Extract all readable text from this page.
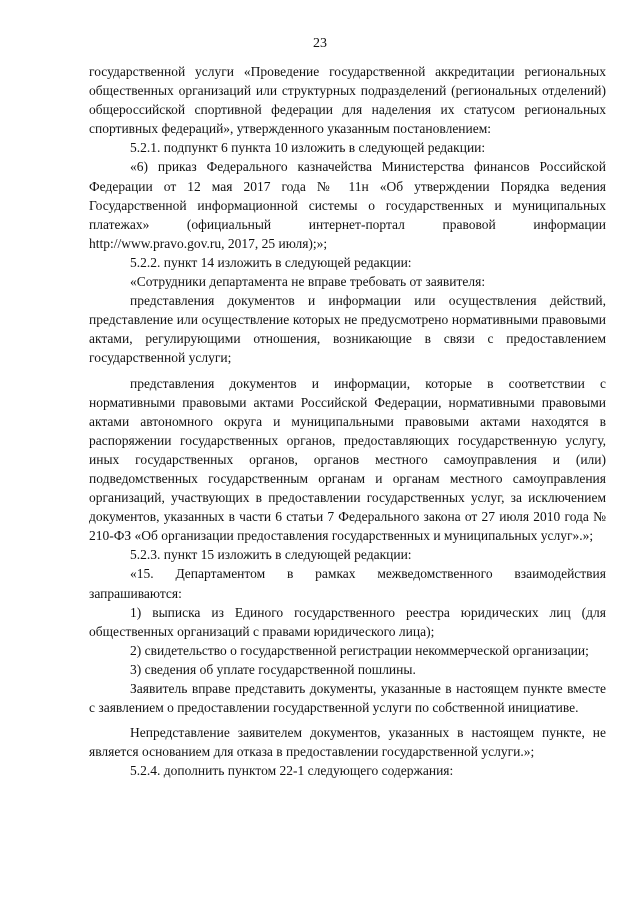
23

государственной услуги «Проведение государственной аккредитации региональных общественных организаций или структурных подразделений (региональных отделений) общероссийской спортивной федерации для наделения их статусом региональных спортивных федераций», утвержденного указанным постановлением:

5.2.1. подпункт 6 пункта 10 изложить в следующей редакции:

«6) приказ Федерального казначейства Министерства финансов Российской Федерации от 12 мая 2017 года № 11н «Об утверждении Порядка ведения Государственной информационной системы о государственных и муниципальных платежах» (официальный интернет-портал правовой информации http://www.pravo.gov.ru, 2017, 25 июля);»;

5.2.2. пункт 14 изложить в следующей редакции:

«Сотрудники департамента не вправе требовать от заявителя:

представления документов и информации или осуществления действий, представление или осуществление которых не предусмотрено нормативными правовыми актами, регулирующими отношения, возникающие в связи с предоставлением государственной услуги;

представления документов и информации, которые в соответствии с нормативными правовыми актами Российской Федерации, нормативными правовыми актами автономного округа и муниципальными правовыми актами находятся в распоряжении государственных органов, предоставляющих государственную услугу, иных государственных органов, органов местного самоуправления и (или) подведомственных государственным органам и органам местного самоуправления организаций, участвующих в предоставлении государственных услуг, за исключением документов, указанных в части 6 статьи 7 Федерального закона от 27 июля 2010 года № 210-ФЗ «Об организации предоставления государственных и муниципальных услуг».»;

5.2.3. пункт 15 изложить в следующей редакции:

«15. Департаментом в рамках межведомственного взаимодействия запрашиваются:

1) выписка из Единого государственного реестра юридических лиц (для общественных организаций с правами юридического лица);

2) свидетельство о государственной регистрации некоммерческой организации;

3) сведения об уплате государственной пошлины.

Заявитель вправе представить документы, указанные в настоящем пункте вместе с заявлением о предоставлении государственной услуги по собственной инициативе.

Непредставление заявителем документов, указанных в настоящем пункте, не является основанием для отказа в предоставлении государственной услуги.»;

5.2.4. дополнить пунктом 22-1 следующего содержания:
